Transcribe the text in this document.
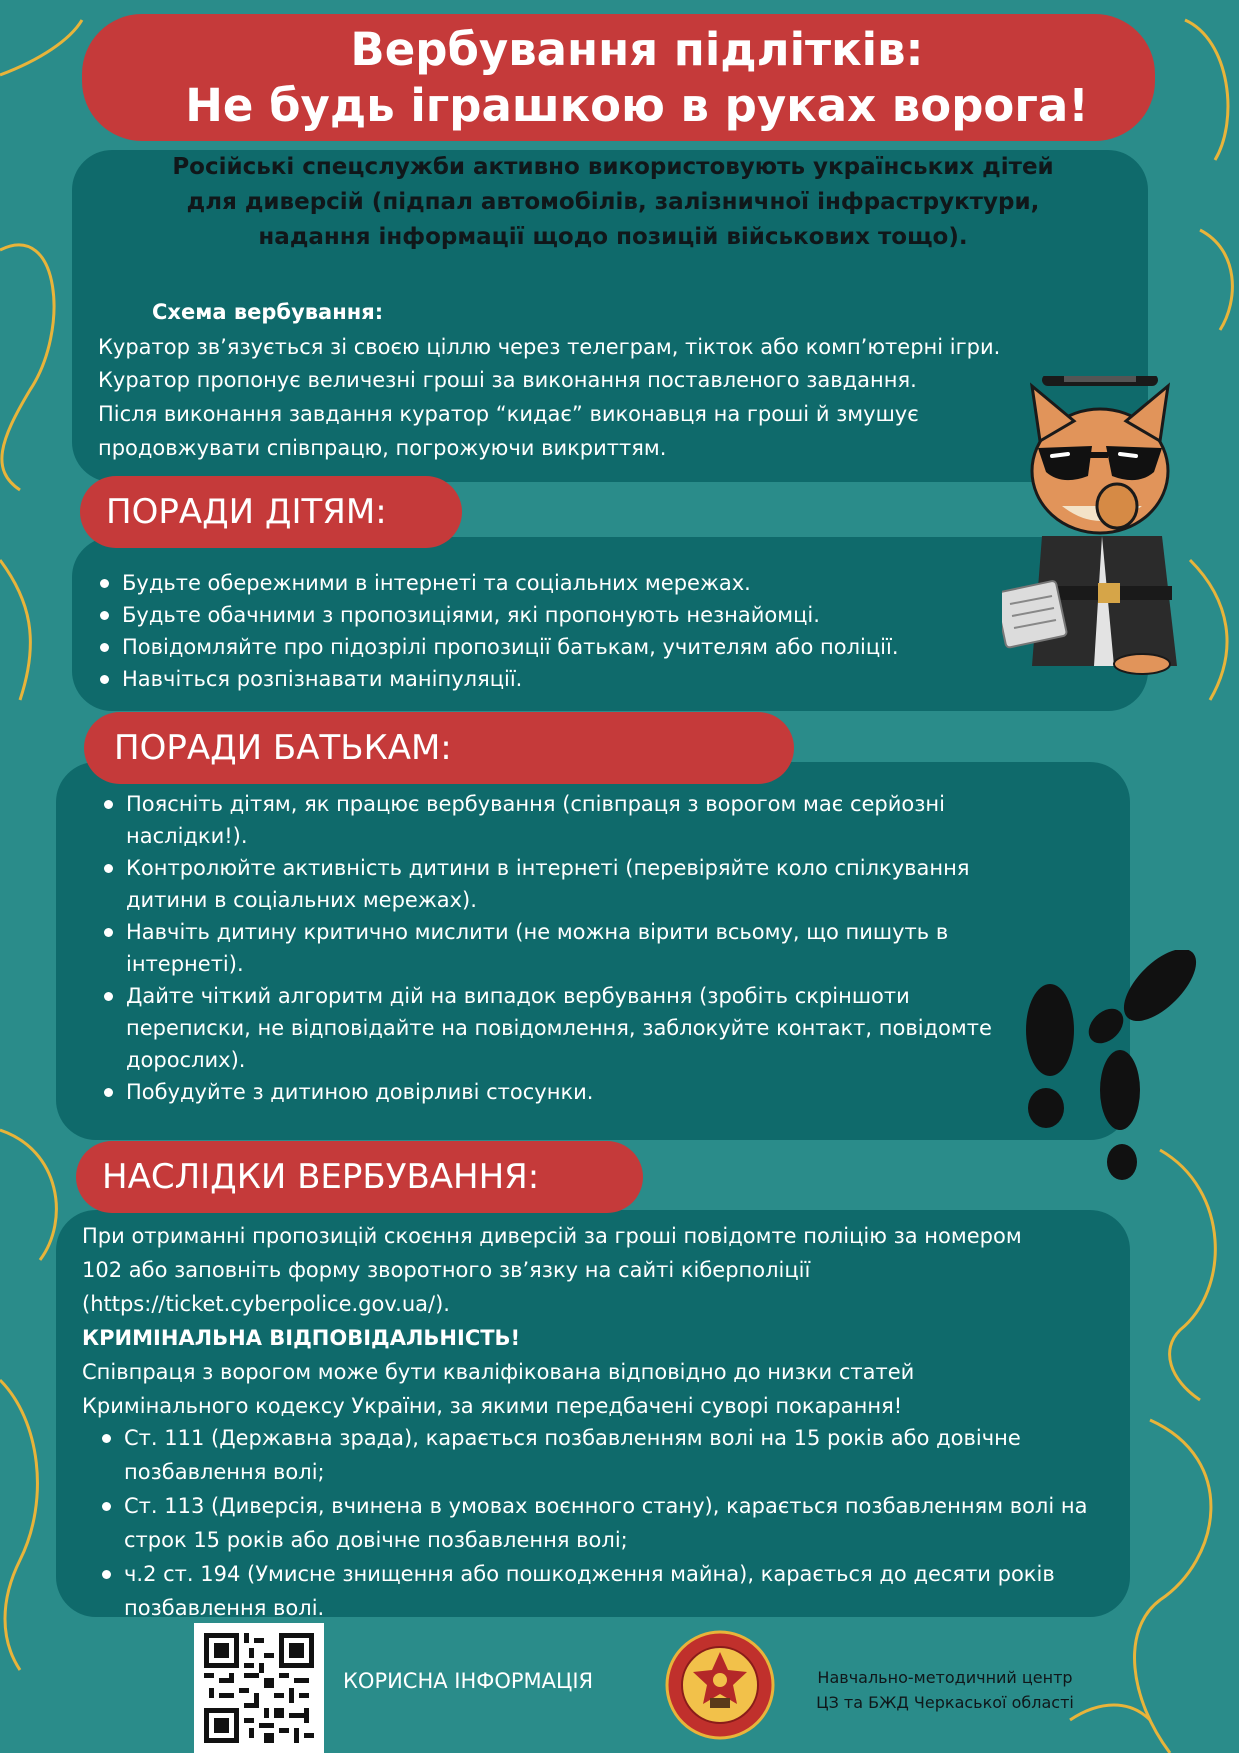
Вербування підлітків:
Не будь іграшкою в руках ворога!
Російські спецслужби активно використовують українських дітей
для диверсій (підпал автомобілів, залізничної інфраструктури,
надання інформації щодо позицій військових тощо).
Схема вербування:
Куратор зв’язується зі своєю ціллю через телеграм, тікток або комп’ютерні ігри.
Куратор пропонує величезні гроші за виконання поставленого завдання.
Після виконання завдання куратор “кидає” виконавця на гроші й змушує
продовжувати співпрацю, погрожуючи викриттям.
ПОРАДИ ДІТЯМ:
Будьте обережними в інтернеті та соціальних мережах.
Будьте обачними з пропозиціями, які пропонують незнайомці.
Повідомляйте про підозрілі пропозиції батькам, учителям або поліції.
Навчіться розпізнавати маніпуляції.
ПОРАДИ БАТЬКАМ:
Поясніть дітям, як працює вербування (співпраця з ворогом має серйозні
наслідки!).
Контролюйте активність дитини в інтернеті (перевіряйте коло спілкування
дитини в соціальних мережах).
Навчіть дитину критично мислити (не можна вірити всьому, що пишуть в
інтернеті).
Дайте чіткий алгоритм дій на випадок вербування (зробіть скріншоти
переписки, не відповідайте на повідомлення, заблокуйте контакт, повідомте
дорослих).
Побудуйте з дитиною довірливі стосунки.
НАСЛІДКИ ВЕРБУВАННЯ:
При отриманні пропозицій скоєння диверсій за гроші повідомте поліцію за номером
102 або заповніть форму зворотного зв’язку на сайті кіберполіції
(https://ticket.cyberpolice.gov.ua/).
КРИМІНАЛЬНА ВІДПОВІДАЛЬНІСТЬ!
Співпраця з ворогом може бути кваліфікована відповідно до низки статей
Кримінального кодексу України, за якими передбачені суворі покарання!
Ст. 111 (Державна зрада), карається позбавленням волі на 15 років або довічне
позбавлення волі;
Ст. 113 (Диверсія, вчинена в умовах воєнного стану), карається позбавленням волі на
строк 15 років або довічне позбавлення волі;
ч.2 ст. 194 (Умисне знищення або пошкодження майна), карається до десяти років
позбавлення волі.
КОРИСНА ІНФОРМАЦІЯ	Навчально-методичний центр
ЦЗ та БЖД Черкаської області
